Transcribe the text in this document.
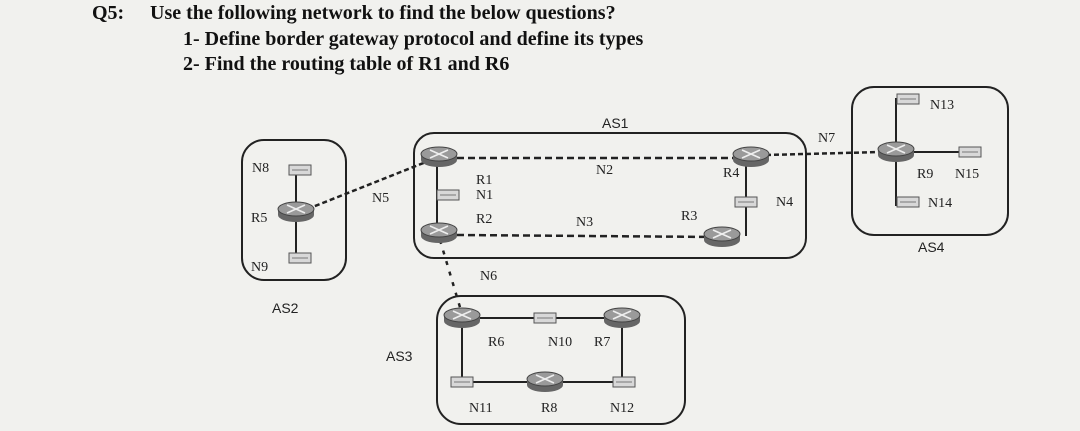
Q5: Use the following network to find the below questions?
1- Define border gateway protocol and define its types
2- Find the routing table of R1 and R6
AS1
AS2
AS3
AS4
R1
R2	R3
R4
R5
R6	R7
R8
R9
N1
N2
N3
N4
N5
N6
N7
N8
N9
N10
N11	N12
N13
N14
N15
